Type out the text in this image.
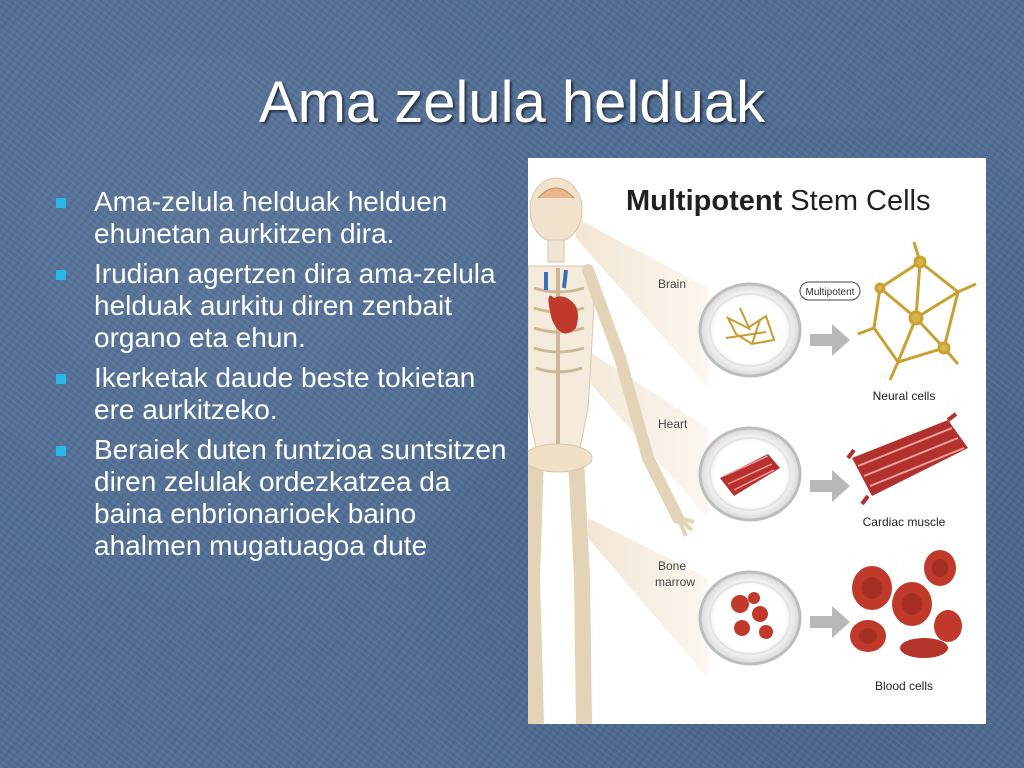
Ama zelula helduak
Ama-zelula helduak helduen ehunetan aurkitzen dira.
Irudian agertzen dira ama-zelula helduak aurkitu diren zenbait organo eta ehun.
Ikerketak daude beste tokietan ere aurkitzeko.
Beraiek duten funtzioa suntsitzen diren zelulak ordezkatzea da baina enbrionarioek baino ahalmen mugatuagoa dute
Multipotent Stem Cells
Brain
Heart
Bone
marrow
Multipotent
Neural cells
Cardiac muscle
Blood cells
